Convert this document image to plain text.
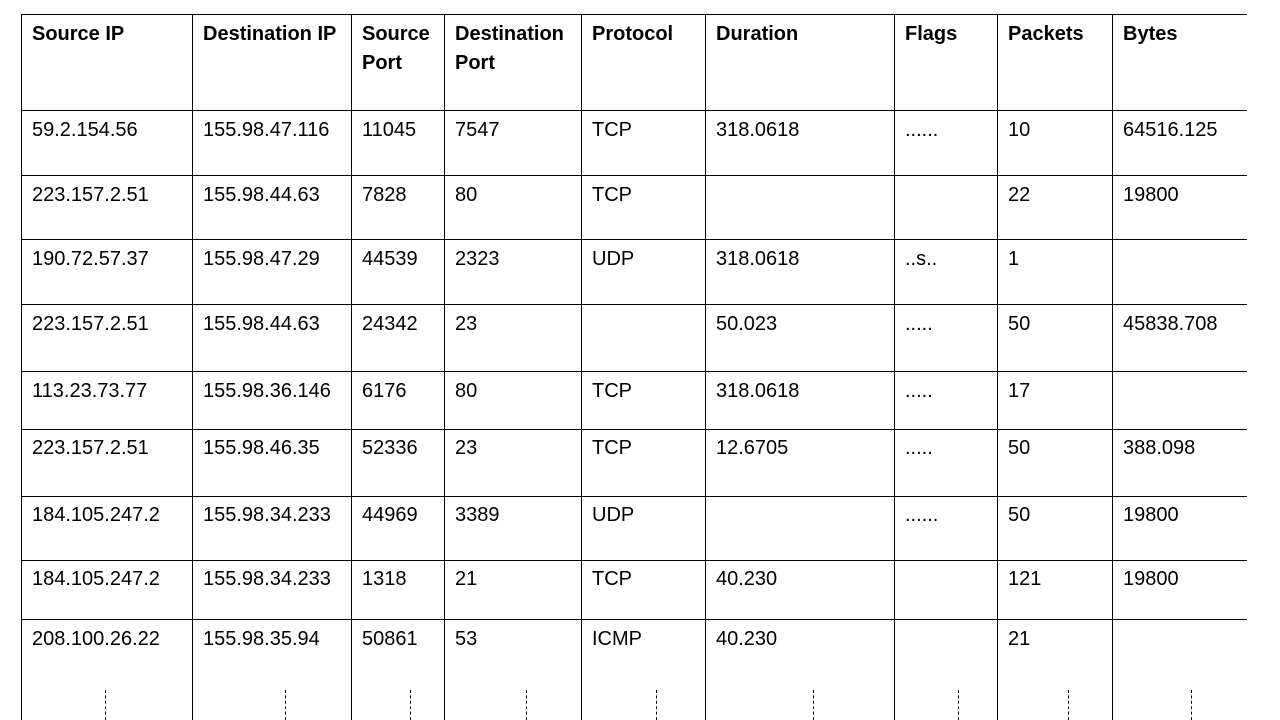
Source IP	Destination IP	Source Port	Destination Port	Protocol	Duration	Flags	Packets	Bytes
59.2.154.56	155.98.47.116	11045	7547	TCP	318.0618	......	10	64516.125
223.157.2.51	155.98.44.63	7828	80	TCP			22	19800
190.72.57.37	155.98.47.29	44539	2323	UDP	318.0618	..s..	1	
223.157.2.51	155.98.44.63	24342	23		50.023	.....	50	45838.708
113.23.73.77	155.98.36.146	6176	80	TCP	318.0618	.....	17	
223.157.2.51	155.98.46.35	52336	23	TCP	12.6705	.....	50	388.098
184.105.247.2	155.98.34.233	44969	3389	UDP		......	50	19800
184.105.247.2	155.98.34.233	1318	21	TCP	40.230		121	19800
208.100.26.22	155.98.35.94	50861	53	ICMP	40.230		21
